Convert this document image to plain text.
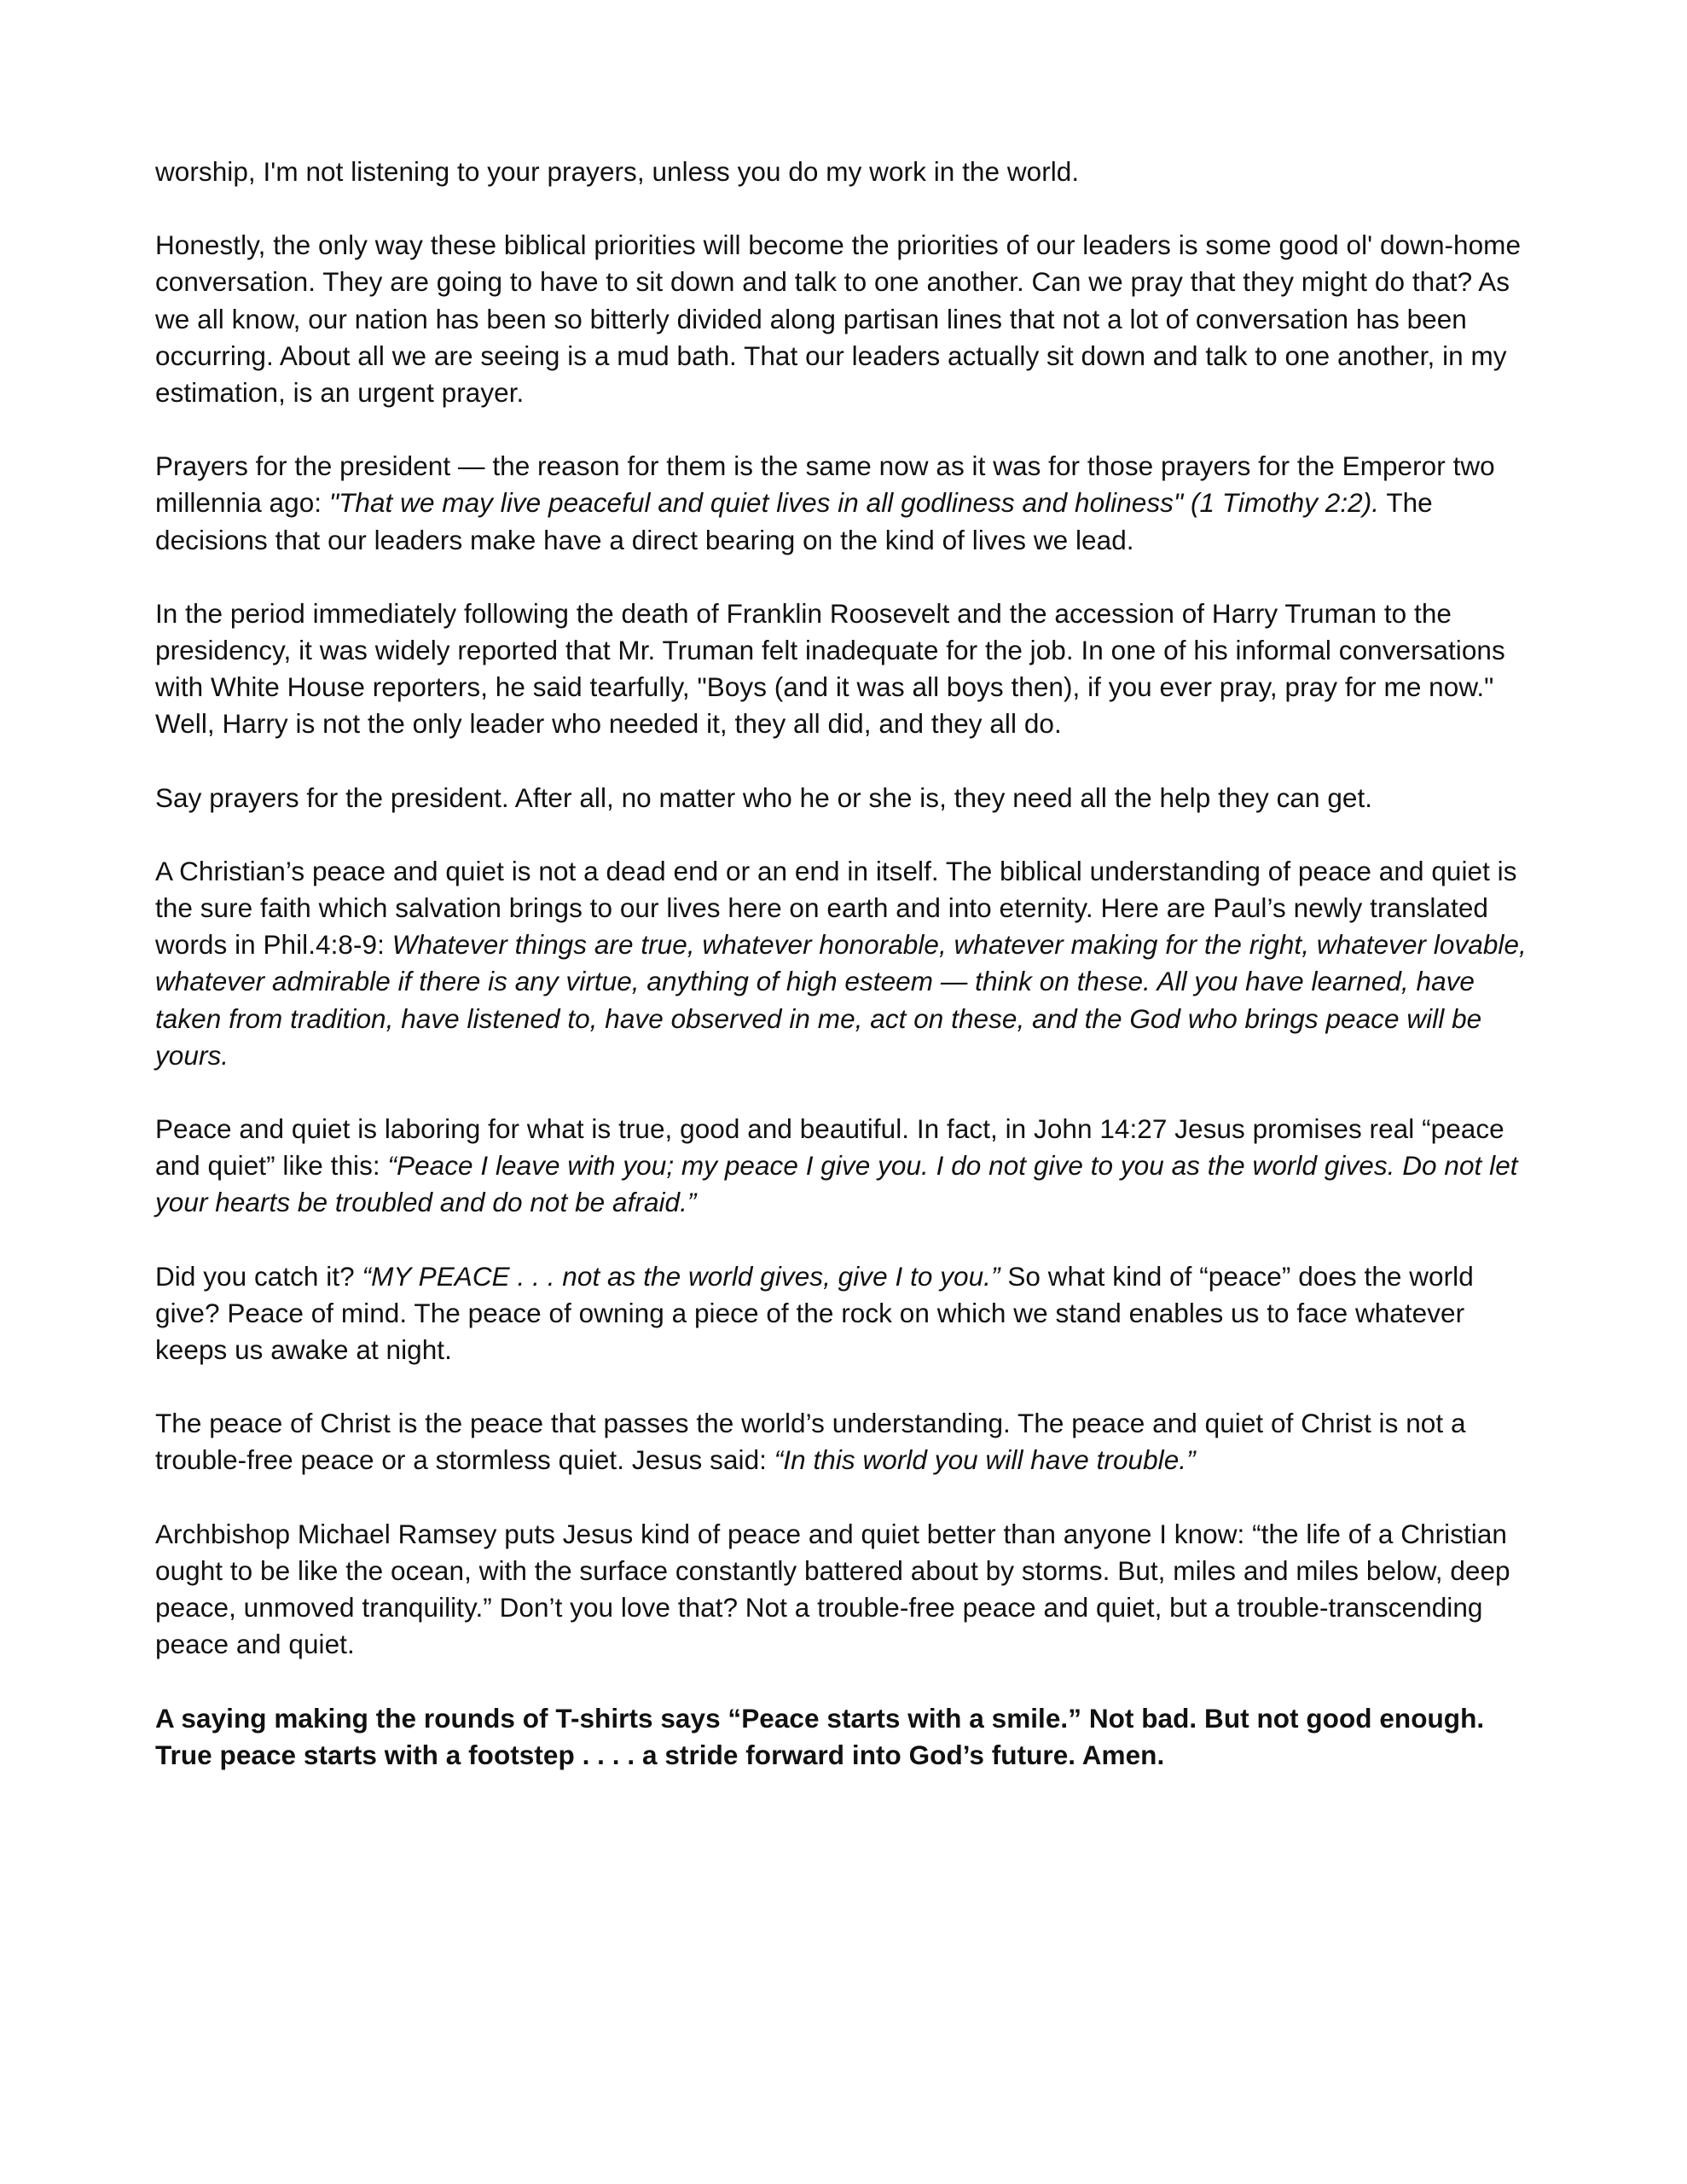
worship, I'm not listening to your prayers, unless you do my work in the world.

Honestly, the only way these biblical priorities will become the priorities of our leaders is some good ol' down-home conversation. They are going to have to sit down and talk to one another. Can we pray that they might do that? As we all know, our nation has been so bitterly divided along partisan lines that not a lot of conversation has been occurring. About all we are seeing is a mud bath. That our leaders actually sit down and talk to one another, in my estimation, is an urgent prayer.

Prayers for the president — the reason for them is the same now as it was for those prayers for the Emperor two millennia ago: "That we may live peaceful and quiet lives in all godliness and holiness" (1 Timothy 2:2). The decisions that our leaders make have a direct bearing on the kind of lives we lead.

In the period immediately following the death of Franklin Roosevelt and the accession of Harry Truman to the presidency, it was widely reported that Mr. Truman felt inadequate for the job. In one of his informal conversations with White House reporters, he said tearfully, "Boys (and it was all boys then), if you ever pray, pray for me now." Well, Harry is not the only leader who needed it, they all did, and they all do.

Say prayers for the president. After all, no matter who he or she is, they need all the help they can get.

A Christian’s peace and quiet is not a dead end or an end in itself. The biblical understanding of peace and quiet is the sure faith which salvation brings to our lives here on earth and into eternity. Here are Paul’s newly translated words in Phil.4:8-9: Whatever things are true, whatever honorable, whatever making for the right, whatever lovable, whatever admirable if there is any virtue, anything of high esteem — think on these. All you have learned, have taken from tradition, have listened to, have observed in me, act on these, and the God who brings peace will be yours.

Peace and quiet is laboring for what is true, good and beautiful. In fact, in John 14:27 Jesus promises real “peace and quiet” like this: “Peace I leave with you; my peace I give you. I do not give to you as the world gives. Do not let your hearts be troubled and do not be afraid.”

Did you catch it? “MY PEACE . . . not as the world gives, give I to you.” So what kind of “peace” does the world give? Peace of mind. The peace of owning a piece of the rock on which we stand enables us to face whatever keeps us awake at night.

The peace of Christ is the peace that passes the world’s understanding. The peace and quiet of Christ is not a trouble-free peace or a stormless quiet. Jesus said: “In this world you will have trouble.”

Archbishop Michael Ramsey puts Jesus kind of peace and quiet better than anyone I know: “the life of a Christian ought to be like the ocean, with the surface constantly battered about by storms. But, miles and miles below, deep peace, unmoved tranquility.” Don’t you love that? Not a trouble-free peace and quiet, but a trouble-transcending peace and quiet.

A saying making the rounds of T-shirts says “Peace starts with a smile.” Not bad. But not good enough. True peace starts with a footstep . . . . a stride forward into God’s future. Amen.
